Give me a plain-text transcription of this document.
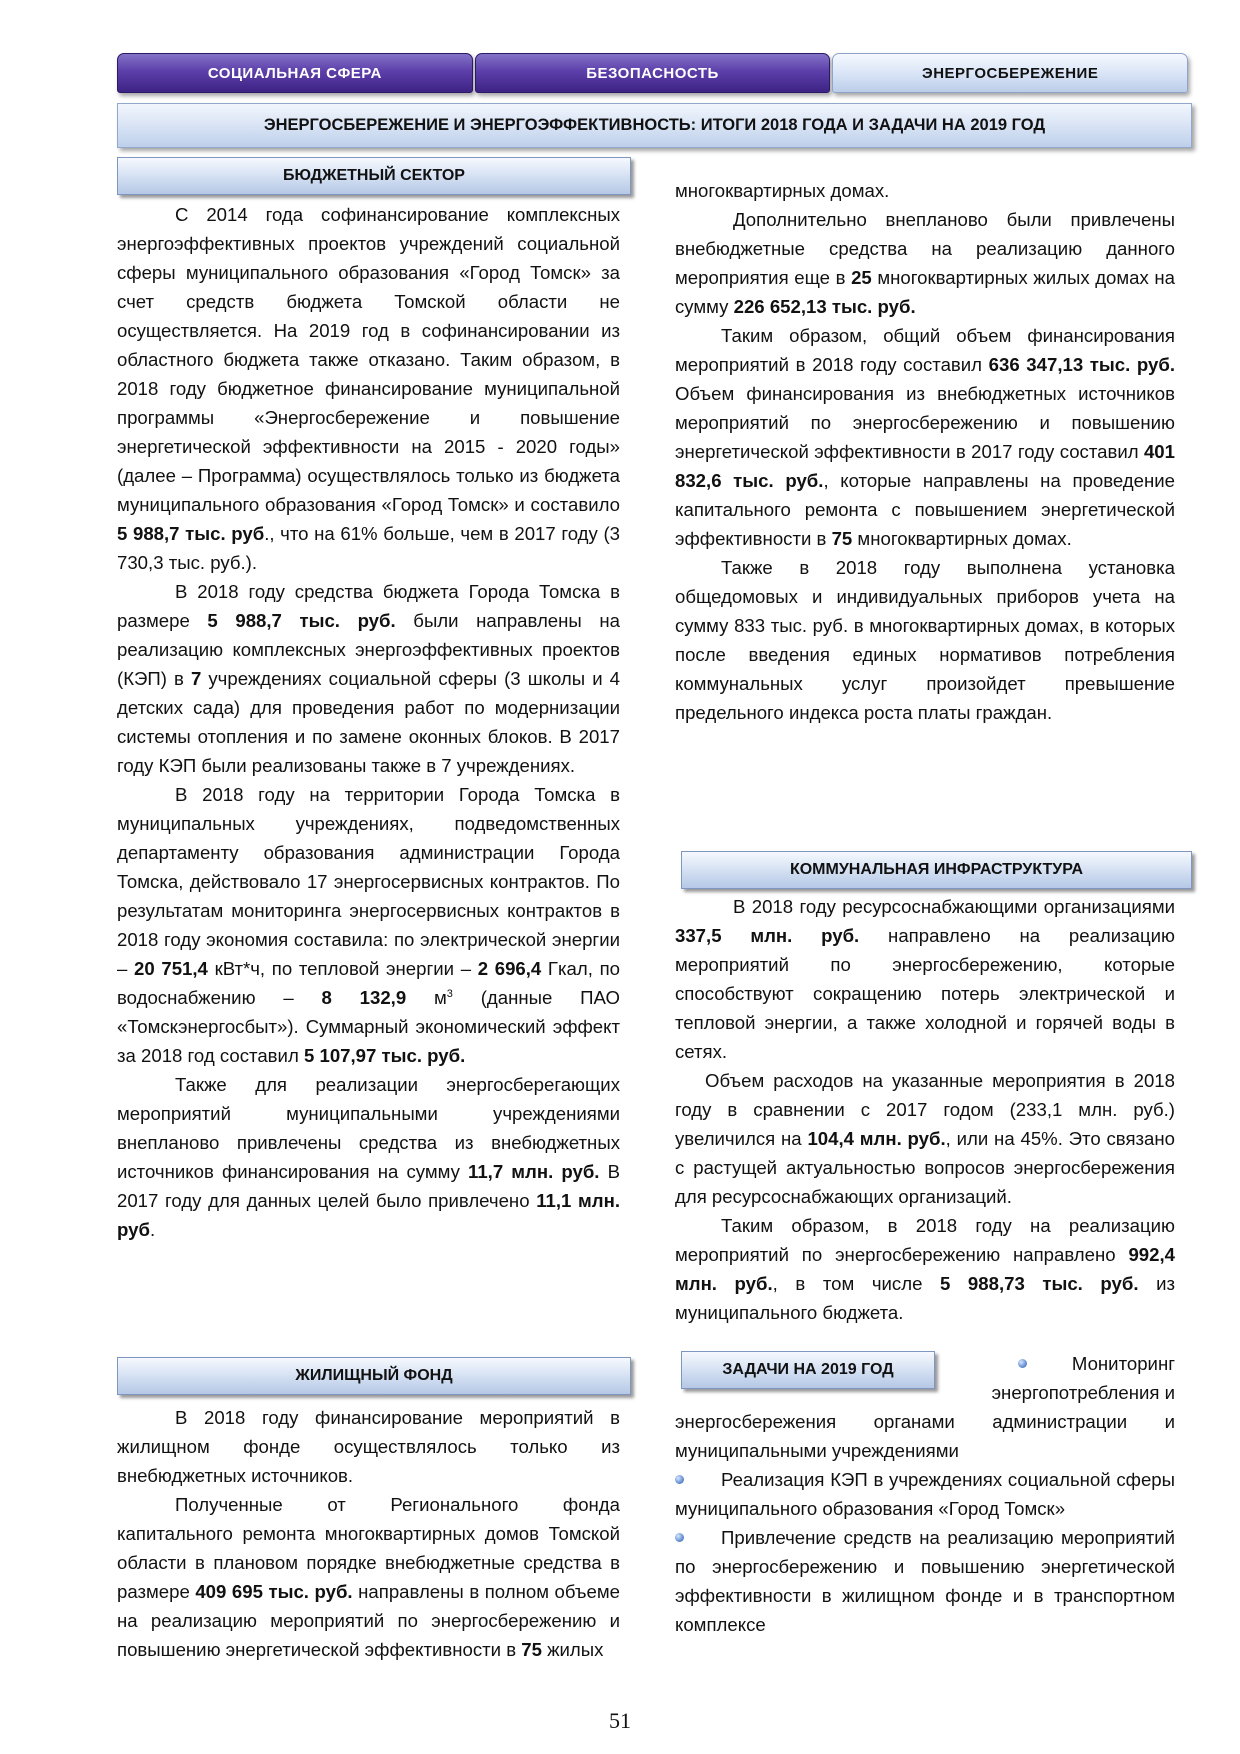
СОЦИАЛЬНАЯ СФЕРА	БЕЗОПАСНОСТЬ	ЭНЕРГОСБЕРЕЖЕНИЕ
ЭНЕРГОСБЕРЕЖЕНИЕ И ЭНЕРГОЭФФЕКТИВНОСТЬ: ИТОГИ 2018 ГОДА И ЗАДАЧИ НА 2019 ГОД
БЮДЖЕТНЫЙ СЕКТОР

С 2014 года софинансирование комплексных энергоэффективных проектов учреждений социальной сферы муниципального образования «Город Томск» за счет средств бюджета Томской области не осуществляется. На 2019 год в софинансировании из областного бюджета также отказано. Таким образом, в 2018 году бюджетное финансирование муниципальной программы «Энергосбережение и повышение энергетической эффективности на 2015 - 2020 годы» (далее – Программа) осуществлялось только из бюджета муниципального образования «Город Томск» и составило 5 988,7 тыс. руб., что на 61% больше, чем в 2017 году (3 730,3 тыс. руб.).

В 2018 году средства бюджета Города Томска в размере 5 988,7 тыс. руб. были направлены на реализацию комплексных энергоэффективных проектов (КЭП) в 7 учреждениях социальной сферы (3 школы и 4 детских сада) для проведения работ по модернизации системы отопления и по замене оконных блоков. В 2017 году КЭП были реализованы также в 7 учреждениях.

В 2018 году на территории Города Томска в муниципальных учреждениях, подведомственных департаменту образования администрации Города Томска, действовало 17 энергосервисных контрактов. По результатам мониторинга энергосервисных контрактов в 2018 году экономия составила: по электрической энергии – 20 751,4 кВт*ч, по тепловой энергии – 2 696,4 Гкал, по водоснабжению – 8 132,9 $м^3$ (данные ПАО «Томскэнергосбыт»). Суммарный экономический эффект за 2018 год составил 5 107,97 тыс. руб.

Также для реализации энергосберегающих мероприятий муниципальными учреждениями внепланово привлечены средства из внебюджетных источников финансирования на сумму 11,7 млн. руб. В 2017 году для данных целей было привлечено 11,1 млн. руб.

ЖИЛИЩНЫЙ ФОНД

В 2018 году финансирование мероприятий в жилищном фонде осуществлялось только из внебюджетных источников.

Полученные от Регионального фонда капитального ремонта многоквартирных домов Томской области в плановом порядке внебюджетные средства в размере 409 695 тыс. руб. направлены в полном объеме на реализацию мероприятий по энергосбережению и повышению энергетической эффективности в 75 жилых

многоквартирных домах.

Дополнительно внепланово были привлечены внебюджетные средства на реализацию данного мероприятия еще в 25 многоквартирных жилых домах на сумму 226 652,13 тыс. руб.

Таким образом, общий объем финансирования мероприятий в 2018 году составил 636 347,13 тыс. руб. Объем финансирования из внебюджетных источников мероприятий по энергосбережению и повышению энергетической эффективности в 2017 году составил 401 832,6 тыс. руб., которые направлены на проведение капитального ремонта с повышением энергетической эффективности в 75 многоквартирных домах.

Также в 2018 году выполнена установка общедомовых и индивидуальных приборов учета на сумму 833 тыс. руб. в многоквартирных домах, в которых после введения единых нормативов потребления коммунальных услуг произойдет превышение предельного индекса роста платы граждан.

КОММУНАЛЬНАЯ ИНФРАСТРУКТУРА

В 2018 году ресурсоснабжающими организациями 337,5 млн. руб. направлено на реализацию мероприятий по энергосбережению, которые способствуют сокращению потерь электрической и тепловой энергии, а также холодной и горячей воды в сетях.

Объем расходов на указанные мероприятия в 2018 году в сравнении с 2017 годом (233,1 млн. руб.) увеличился на 104,4 млн. руб., или на 45%. Это связано с растущей актуальностью вопросов энергосбережения для ресурсоснабжающих организаций.

Таким образом, в 2018 году на реализацию мероприятий по энергосбережению направлено 992,4 млн. руб., в том числе 5 988,73 тыс. руб. из муниципального бюджета.

ЗАДАЧИ НА 2019 ГОД	Мониторинг
энергопотребления и

энергосбережения органами администрации и муниципальными учреждениями

Реализация КЭП в учреждениях социальной сферы муниципального образования «Город Томск»

Привлечение средств на реализацию мероприятий по энергосбережению и повышению энергетической эффективности в жилищном фонде и в транспортном комплексе

51
